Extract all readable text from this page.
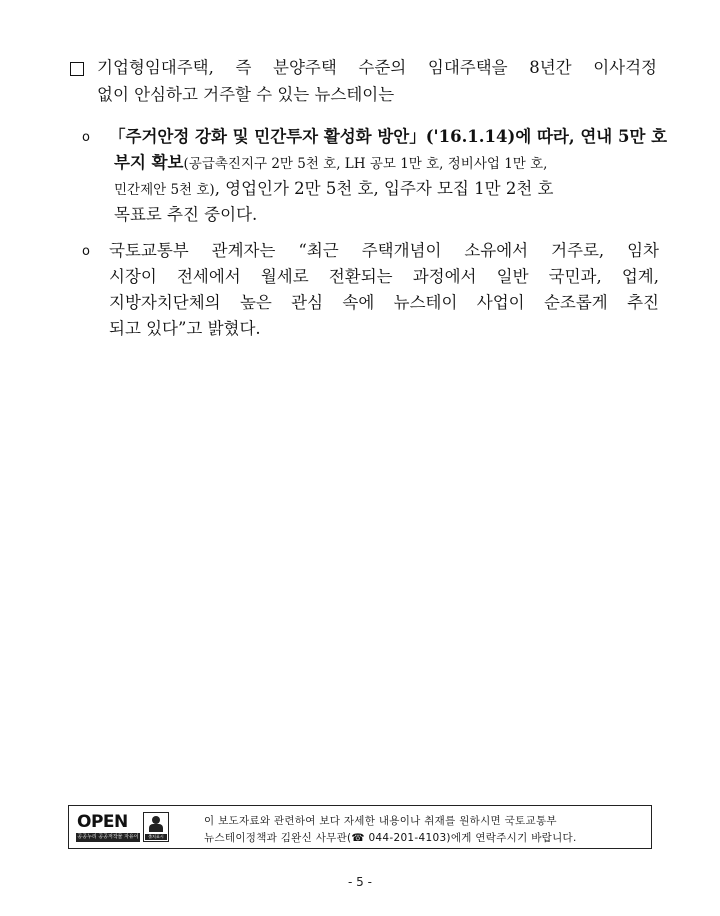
기업형임대주택, 즉 분양주택 수준의 임대주택을 8년간 이사걱정
없이 안심하고 거주할 수 있는 뉴스테이는
o 「주거안정 강화 및 민간투자 활성화 방안」('16.1.14)에 따라, 연내 5만 호
부지 확보(공급촉진지구 2만 5천 호, LH 공모 1만 호, 정비사업 1만 호,
민간제안 5천 호), 영업인가 2만 5천 호, 입주자 모집 1만 2천 호
목표로 추진 중이다.
o 국토교통부 관계자는 “최근 주택개념이 소유에서 거주로, 임차
시장이 전세에서 월세로 전환되는 과정에서 일반 국민과, 업계,
지방자치단체의 높은 관심 속에 뉴스테이 사업이 순조롭게 추진
되고 있다”고 밝혔다.
OPEN
공공누리 공공저작물 자유이용허락
출처표시
이 보도자료와 관련하여 보다 자세한 내용이나 취재를 원하시면 국토교통부
뉴스테이정책과 김완신 사무관(☎ 044-201-4103)에게 연락주시기 바랍니다.
- 5 -
